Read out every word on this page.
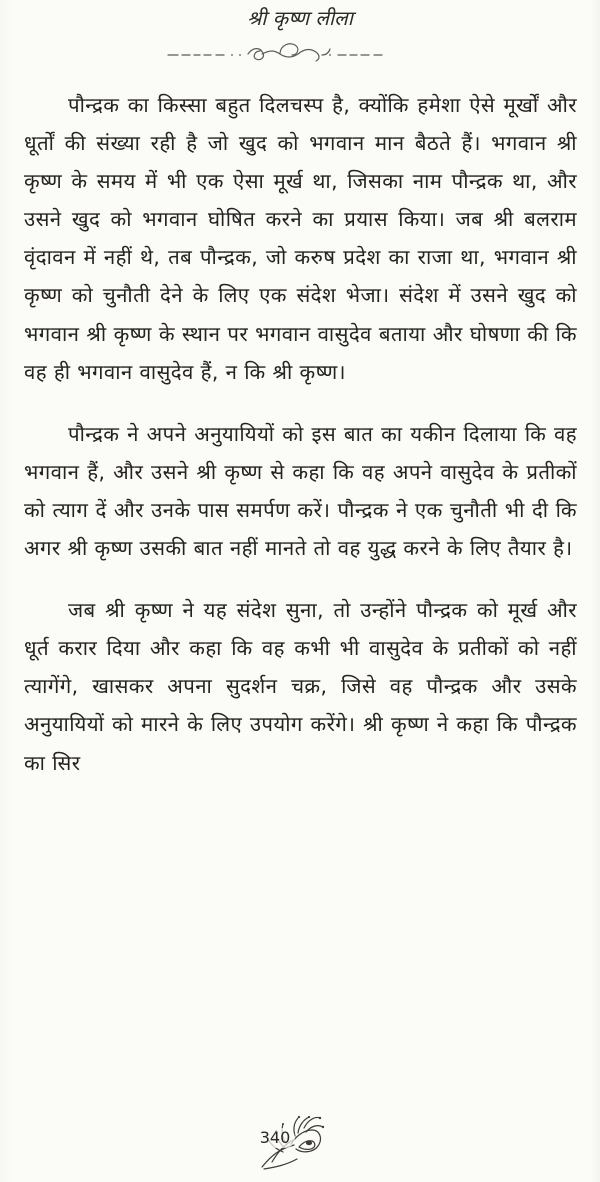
श्री कृष्ण लीला

पौन्द्रक का किस्सा बहुत दिलचस्प है, क्योंकि हमेशा ऐसे मूर्खों और धूर्तों की संख्या रही है जो खुद को भगवान मान बैठते हैं। भगवान श्री कृष्ण के समय में भी एक ऐसा मूर्ख था, जिसका नाम पौन्द्रक था, और उसने खुद को भगवान घोषित करने का प्रयास किया। जब श्री बलराम वृंदावन में नहीं थे, तब पौन्द्रक, जो करुष प्रदेश का राजा था, भगवान श्री कृष्ण को चुनौती देने के लिए एक संदेश भेजा। संदेश में उसने खुद को भगवान श्री कृष्ण के स्थान पर भगवान वासुदेव बताया और घोषणा की कि वह ही भगवान वासुदेव हैं, न कि श्री कृष्ण।

पौन्द्रक ने अपने अनुयायियों को इस बात का यकीन दिलाया कि वह भगवान हैं, और उसने श्री कृष्ण से कहा कि वह अपने वासुदेव के प्रतीकों को त्याग दें और उनके पास समर्पण करें। पौन्द्रक ने एक चुनौती भी दी कि अगर श्री कृष्ण उसकी बात नहीं मानते तो वह युद्ध करने के लिए तैयार है।

जब श्री कृष्ण ने यह संदेश सुना, तो उन्होंने पौन्द्रक को मूर्ख और धूर्त करार दिया और कहा कि वह कभी भी वासुदेव के प्रतीकों को नहीं त्यागेंगे, खासकर अपना सुदर्शन चक्र, जिसे वह पौन्द्रक और उसके अनुयायियों को मारने के लिए उपयोग करेंगे। श्री कृष्ण ने कहा कि पौन्द्रक का सिर

340
